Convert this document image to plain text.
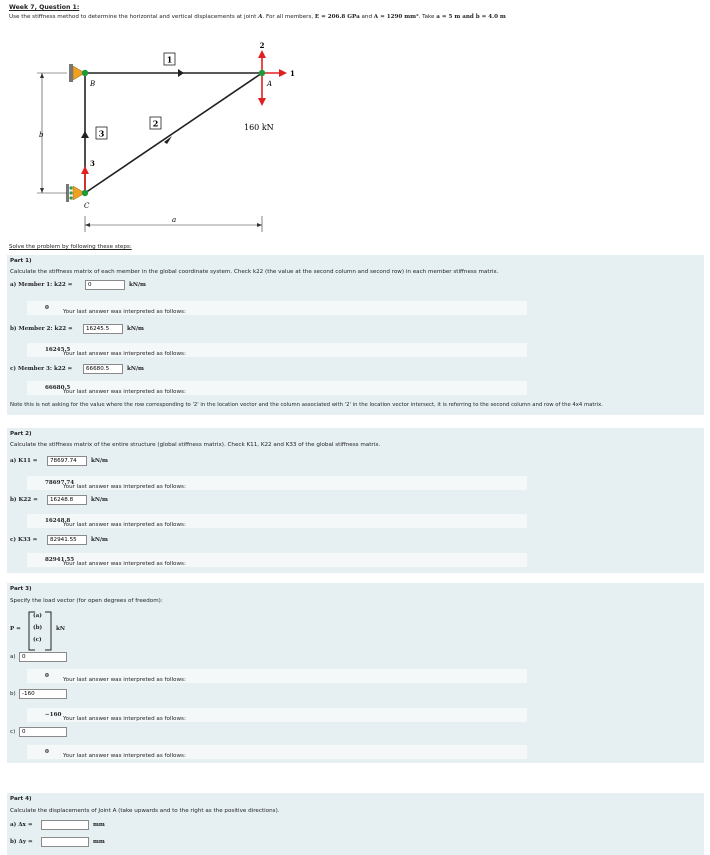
Week 7, Question 1:
Use the stiffness method to determine the horizontal and vertical displacements at joint A. For all members, E = 206.8 GPa and A = 1290 mm². Take a = 5 m and b = 4.0 m
1
2
3
3
2
1
160 kN
B	A
C
b
a
Solve the problem by following these steps:
Part 1)
Calculate the stiffness matrix of each member in the global coordinate system. Check k22 (the value at the second column and second row) in each member stiffness matrix.
a) Member 1: k22 =
0	kN/m
Your last answer was interpreted as follows:
0
b) Member 2: k22 =
16245.5	kN/m
Your last answer was interpreted as follows:
16245.5
c) Member 3: k22 =
66680.5	kN/m
Your last answer was interpreted as follows:
66680.5
Note this is not asking for the value where the row corresponding to '2' in the location vector and the column associated with '2' in the location vector intersect, it is referring to the second column and row of the 4x4 matrix.
Part 2)
Calculate the stiffness matrix of the entire structure (global stiffness matrix). Check K11, K22 and K33 of the global stiffness matrix.
a) K11 =
78697.74	kN/m
Your last answer was interpreted as follows:
78697.74
b) K22 =
16248.8	kN/m
Your last answer was interpreted as follows:
16248.8
c) K33 =
82941.55	kN/m
Your last answer was interpreted as follows:
82941.55
Part 3)
Specify the load vector (for open degrees of freedom):
P =
(a)
(b)
(c)
kN
a)
0
Your last answer was interpreted as follows:
0
b)
-160
Your last answer was interpreted as follows:
−160
c)
0
Your last answer was interpreted as follows:
0
Part 4)
Calculate the displacements of Joint A (take upwards and to the right as the positive directions).
a) Δx =	mm
b) Δy =	mm
